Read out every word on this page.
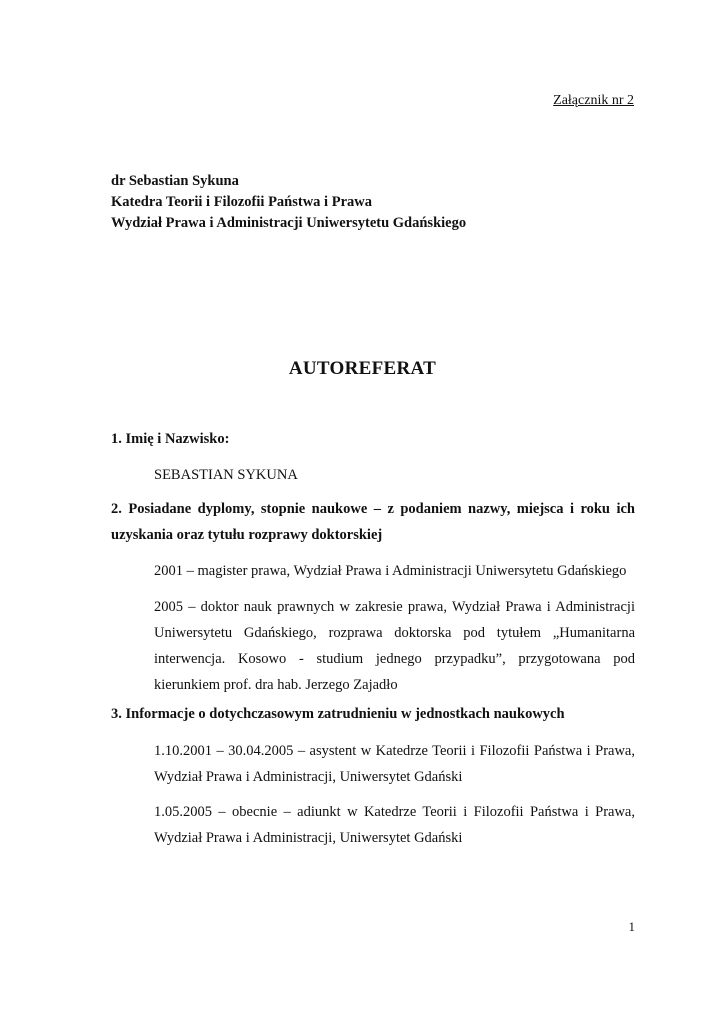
Załącznik nr 2
dr Sebastian Sykuna
Katedra Teorii i Filozofii Państwa i Prawa
Wydział Prawa i Administracji Uniwersytetu Gdańskiego
AUTOREFERAT

1. Imię i Nazwisko:

SEBASTIAN SYKUNA

2. Posiadane dyplomy, stopnie naukowe – z podaniem nazwy, miejsca i roku ich uzyskania oraz tytułu rozprawy doktorskiej

2001 – magister prawa, Wydział Prawa i Administracji Uniwersytetu Gdańskiego

2005 – doktor nauk prawnych w zakresie prawa, Wydział Prawa i Administracji Uniwersytetu Gdańskiego, rozprawa doktorska pod tytułem „Humanitarna interwencja. Kosowo - studium jednego przypadku”, przygotowana pod kierunkiem prof. dra hab. Jerzego Zajadło

3. Informacje o dotychczasowym zatrudnieniu w jednostkach naukowych

1.10.2001 – 30.04.2005 – asystent w Katedrze Teorii i Filozofii Państwa i Prawa, Wydział Prawa i Administracji, Uniwersytet Gdański

1.05.2005 – obecnie – adiunkt w Katedrze Teorii i Filozofii Państwa i Prawa, Wydział Prawa i Administracji, Uniwersytet Gdański

1
